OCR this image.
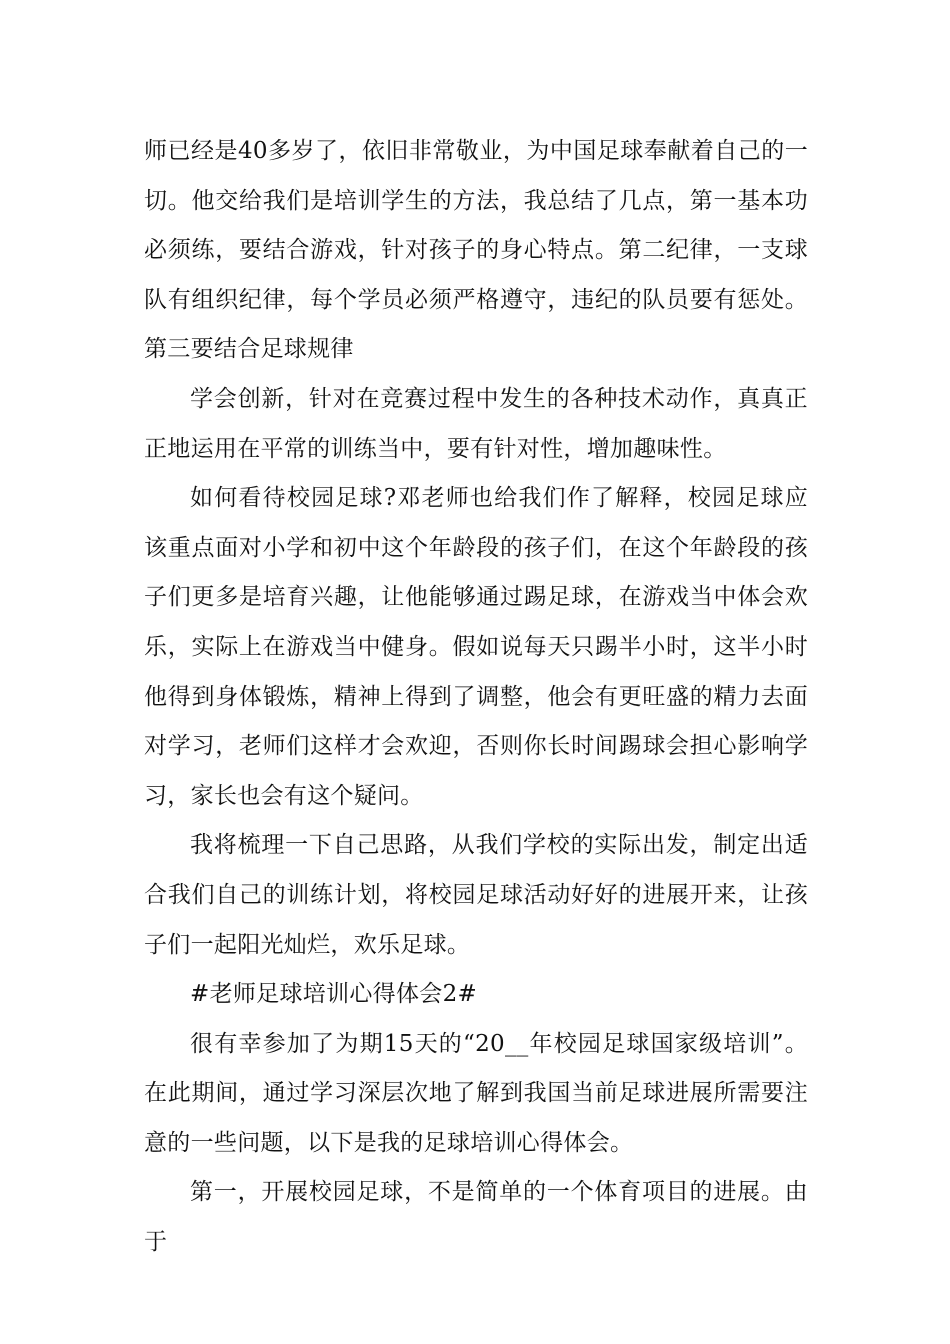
师已经是40多岁了，依旧非常敬业，为中国足球奉献着自己的一切。他交给我们是培训学生的方法，我总结了几点，第一基本功必须练，要结合游戏，针对孩子的身心特点。第二纪律，一支球队有组织纪律，每个学员必须严格遵守，违纪的队员要有惩处。第三要结合足球规律

学会创新，针对在竞赛过程中发生的各种技术动作，真真正正地运用在平常的训练当中，要有针对性，增加趣味性。

如何看待校园足球?邓老师也给我们作了解释，校园足球应该重点面对小学和初中这个年龄段的孩子们，在这个年龄段的孩子们更多是培育兴趣，让他能够通过踢足球，在游戏当中体会欢乐，实际上在游戏当中健身。假如说每天只踢半小时，这半小时他得到身体锻炼，精神上得到了调整，他会有更旺盛的精力去面对学习，老师们这样才会欢迎，否则你长时间踢球会担心影响学习，家长也会有这个疑问。

我将梳理一下自己思路，从我们学校的实际出发，制定出适合我们自己的训练计划，将校园足球活动好好的进展开来，让孩子们一起阳光灿烂，欢乐足球。

#老师足球培训心得体会2#

很有幸参加了为期15天的“20__年校园足球国家级培训”。在此期间，通过学习深层次地了解到我国当前足球进展所需要注意的一些问题，以下是我的足球培训心得体会。

第一，开展校园足球，不是简单的一个体育项目的进展。由于
